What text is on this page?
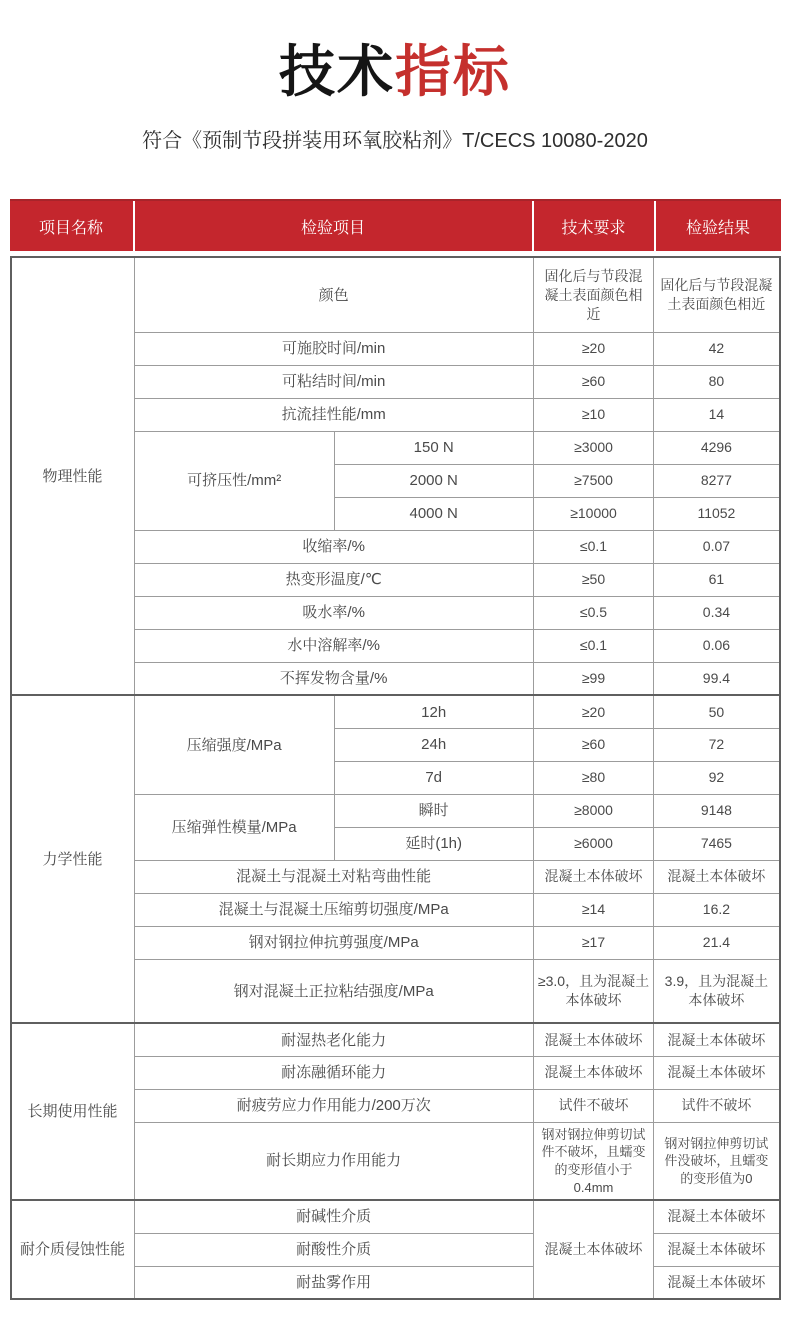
技术指标
符合《预制节段拼装用环氧胶粘剂》T/CECS 10080-2020
项目名称	检验项目	技术要求	检验结果
物理性能	颜色		固化后与节段混凝土表面颜色相近	固化后与节段混凝土表面颜色相近
	可施胶时间/min		≥20	42
	可粘结时间/min		≥60	80
	抗流挂性能/mm		≥10	14
	可挤压性/mm²	150 N	≥3000	4296
		2000 N	≥7500	8277
		4000 N	≥10000	11052
	收缩率/%		≤0.1	0.07
	热变形温度/℃		≥50	61
	吸水率/%		≤0.5	0.34
	水中溶解率/%		≤0.1	0.06
	不挥发物含量/%		≥99	99.4
力学性能	压缩强度/MPa	12h	≥20	50
		24h	≥60	72
		7d	≥80	92
	压缩弹性模量/MPa	瞬时	≥8000	9148
		延时(1h)	≥6000	7465
	混凝土与混凝土对粘弯曲性能		混凝土本体破坏	混凝土本体破坏
	混凝土与混凝土压缩剪切强度/MPa		≥14	16.2
	钢对钢拉伸抗剪强度/MPa		≥17	21.4
	钢对混凝土正拉粘结强度/MPa		≥3.0，且为混凝土本体破坏	3.9，且为混凝土本体破坏
长期使用性能	耐湿热老化能力		混凝土本体破坏	混凝土本体破坏
	耐冻融循环能力		混凝土本体破坏	混凝土本体破坏
	耐疲劳应力作用能力/200万次		试件不破坏	试件不破坏
	耐长期应力作用能力		钢对钢拉伸剪切试件不破坏，且蠕变的变形值小于0.4mm	钢对钢拉伸剪切试件没破坏，且蠕变的变形值为0
耐介质侵蚀性能	耐碱性介质		混凝土本体破坏	混凝土本体破坏
	耐酸性介质			混凝土本体破坏
	耐盐雾作用			混凝土本体破坏
